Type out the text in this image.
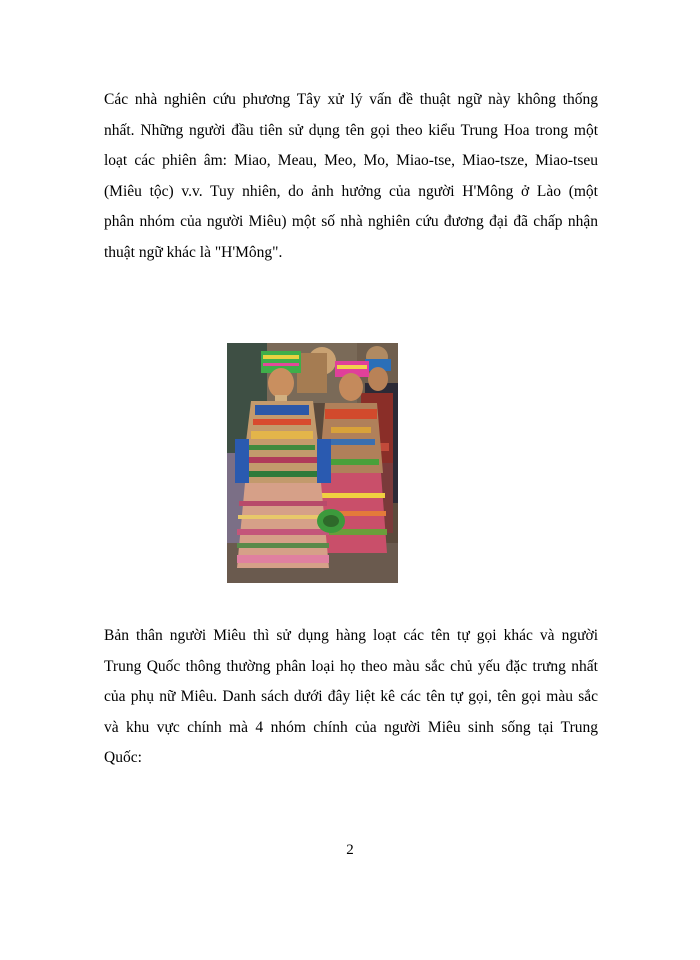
Các nhà nghiên cứu phương Tây xử lý vấn đề thuật ngữ này không thống
nhất. Những người đầu tiên sử dụng tên gọi theo kiểu Trung Hoa trong một
loạt các phiên âm: Miao, Meau, Meo, Mo, Miao-tse, Miao-tsze, Miao-tseu
(Miêu tộc) v.v. Tuy nhiên, do ảnh hưởng của người H'Mông ở Lào (một
phân nhóm của người Miêu) một số nhà nghiên cứu đương đại đã chấp nhận
thuật ngữ khác là "H'Mông".

Bản thân người Miêu thì sử dụng hàng loạt các tên tự gọi khác và người
Trung Quốc thông thường phân loại họ theo màu sắc chủ yếu đặc trưng nhất
của phụ nữ Miêu. Danh sách dưới đây liệt kê các tên tự gọi, tên gọi màu sắc
và khu vực chính mà 4 nhóm chính của người Miêu sinh sống tại Trung
Quốc:

2
